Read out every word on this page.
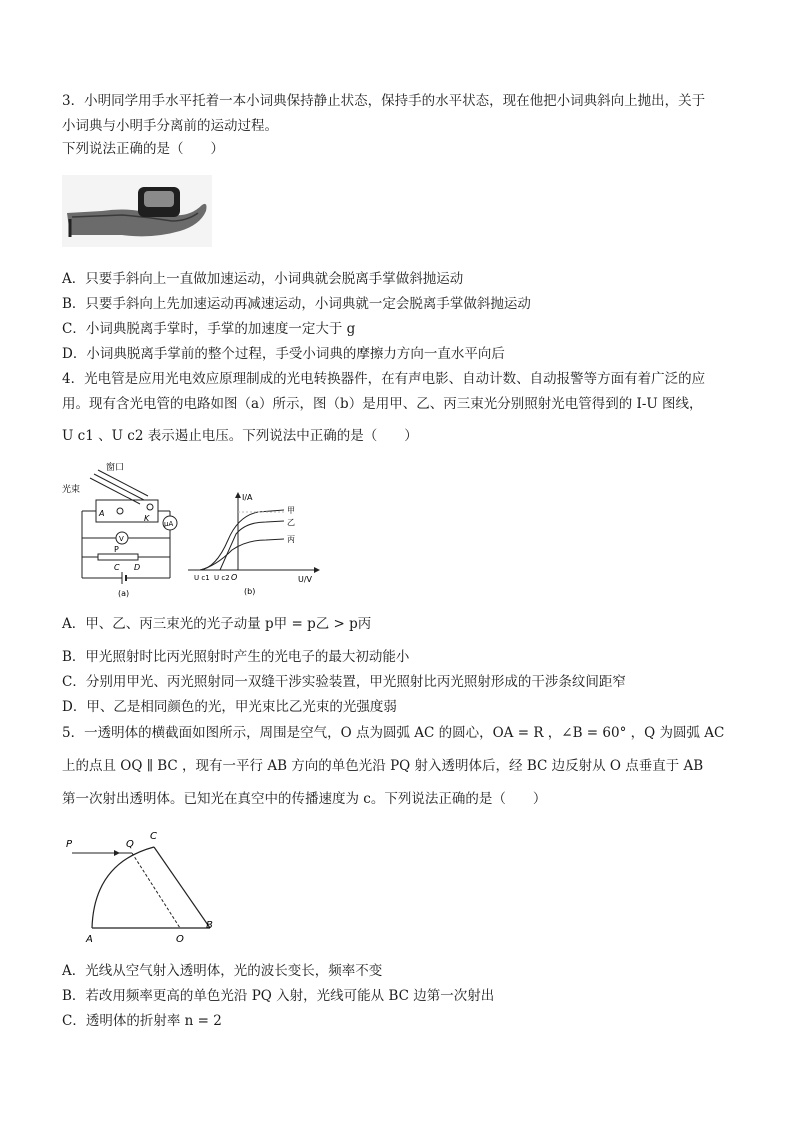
3．小明同学用手水平托着一本小词典保持静止状态，保持手的水平状态，现在他把小词典斜向上抛出，关于
小词典与小明手分离前的运动过程。
下列说法正确的是（　　）
A．只要手斜向上一直做加速运动，小词典就会脱离手掌做斜抛运动
B．只要手斜向上先加速运动再减速运动，小词典就一定会脱离手掌做斜抛运动
C．小词典脱离手掌时，手掌的加速度一定大于 g
D．小词典脱离手掌前的整个过程，手受小词典的摩擦力方向一直水平向后
4．光电管是应用光电效应原理制成的光电转换器件，在有声电影、自动计数、自动报警等方面有着广泛的应
用。现有含光电管的电路如图（a）所示，图（b）是用甲、乙、丙三束光分别照射光电管得到的 I-U 图线，
U c1 、U c2 表示遏止电压。下列说法中正确的是（　　）
窗口
光束
A
K
μA
V
P
C D
(a)
I/A
U/V
O
U c1 U c2
甲
乙
丙
(b)
A．甲、乙、丙三束光的光子动量 p甲 = p乙 > p丙
B．甲光照射时比丙光照射时产生的光电子的最大初动能小
C．分别用甲光、丙光照射同一双缝干涉实验装置，甲光照射比丙光照射形成的干涉条纹间距窄
D．甲、乙是相同颜色的光，甲光束比乙光束的光强度弱
5．一透明体的横截面如图所示，周围是空气，O 点为圆弧 AC 的圆心，OA = R ，∠B = 60° ，Q 为圆弧 AC
上的点且 OQ ∥ BC ，现有一平行 AB 方向的单色光沿 PQ 射入透明体后，经 BC 边反射从 O 点垂直于 AB
第一次射出透明体。已知光在真空中的传播速度为 c。下列说法正确的是（　　）
P	Q
C
A	O
B
A．光线从空气射入透明体，光的波长变长，频率不变
B．若改用频率更高的单色光沿 PQ 入射，光线可能从 BC 边第一次射出
C．透明体的折射率 n = 2
